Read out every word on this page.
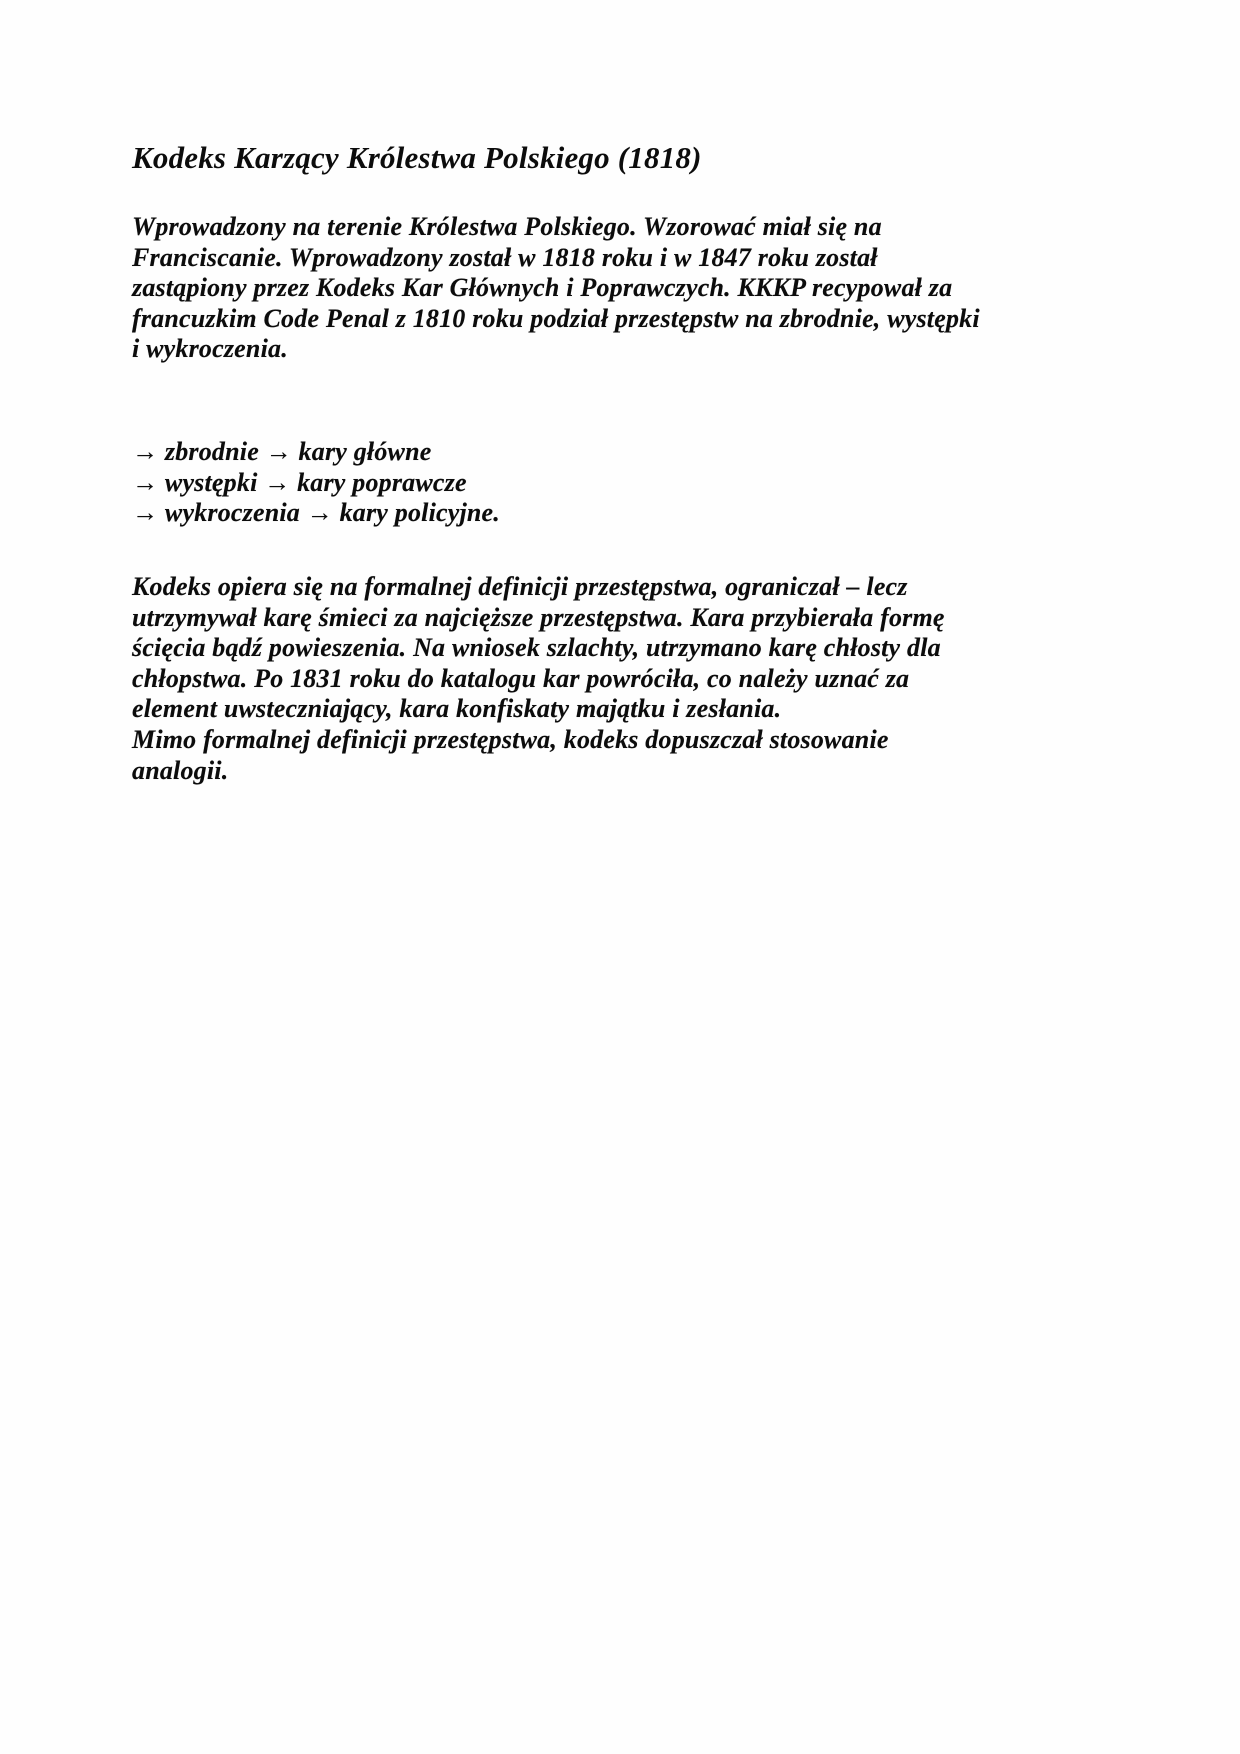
Kodeks Karzący Królestwa Polskiego (1818)
Wprowadzony na terenie Królestwa Polskiego. Wzorować miał się na
Franciscanie. Wprowadzony został w 1818 roku i w 1847 roku został
zastąpiony przez Kodeks Kar Głównych i Poprawczych. KKKP recypował za
francuzkim Code Penal z 1810 roku podział przestępstw na zbrodnie, występki
i wykroczenia.
→ zbrodnie → kary główne
→ występki → kary poprawcze
→ wykroczenia → kary policyjne.
Kodeks opiera się na formalnej definicji przestępstwa, ograniczał – lecz
utrzymywał karę śmieci za najcięższe przestępstwa. Kara przybierała formę
ścięcia bądź powieszenia. Na wniosek szlachty, utrzymano karę chłosty dla
chłopstwa. Po 1831 roku do katalogu kar powróciła, co należy uznać za
element uwsteczniający, kara konfiskaty majątku i zesłania.
Mimo formalnej definicji przestępstwa, kodeks dopuszczał stosowanie
analogii.
